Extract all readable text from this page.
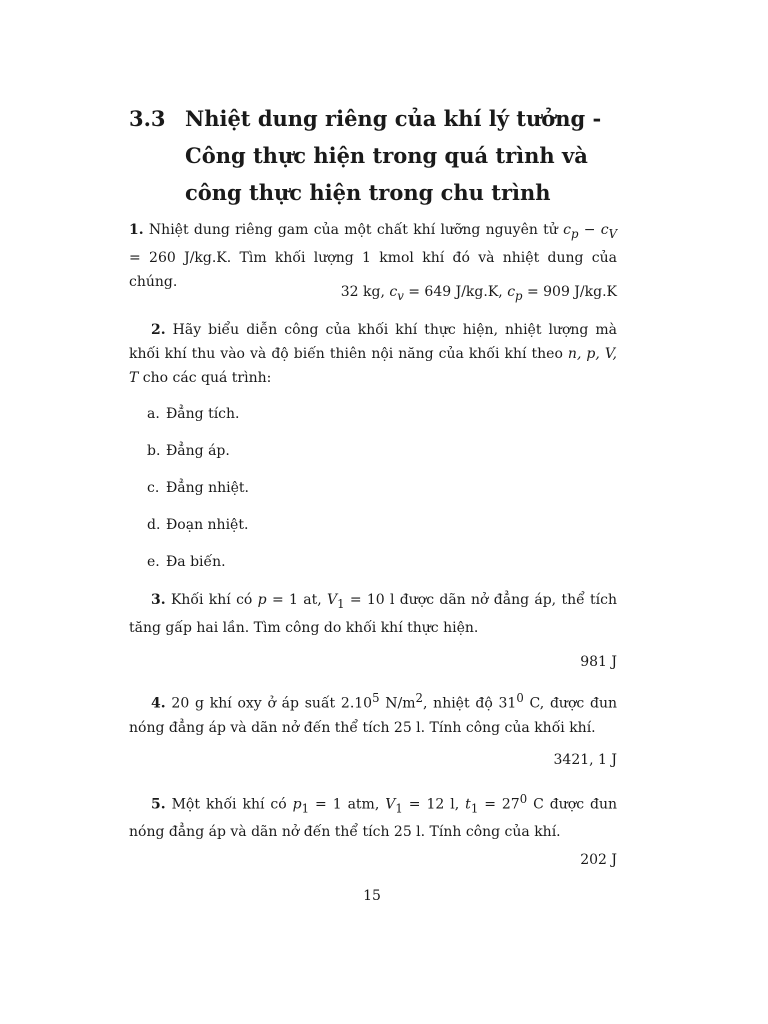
3.3 Nhiệt dung riêng của khí lý tưởng - Công thực hiện trong quá trình và công thực hiện trong chu trình
1. Nhiệt dung riêng gam của một chất khí lưỡng nguyên tử $c_p - c_V = 260$ J/kg.K. Tìm khối lượng 1 kmol khí đó và nhiệt dung của chúng.
32 kg, $c_v = 649$ J/kg.K, $c_p = 909$ J/kg.K
2. Hãy biểu diễn công của khối khí thực hiện, nhiệt lượng mà khối khí thu vào và độ biến thiên nội năng của khối khí theo n, p, V, T cho các quá trình:
a. Đẳng tích.
b. Đẳng áp.
c. Đẳng nhiệt.
d. Đoạn nhiệt.
e. Đa biến.
3. Khối khí có p = 1 at, $V_1 = 10$ l được dãn nở đẳng áp, thể tích tăng gấp hai lần. Tìm công do khối khí thực hiện.
981 J
4. 20 g khí oxy ở áp suất 2.10$^5$ $N/m^2$, nhiệt độ $31^0$ C, được đun nóng đẳng áp và dãn nở đến thể tích 25 l. Tính công của khối khí.
3421, 1 J
5. Một khối khí có $p_1 = 1$ atm, $V_1 = 12$ l, $t_1 = 27^0$ C được đun nóng đẳng áp và dãn nở đến thể tích 25 l. Tính công của khí.
202 J
15
